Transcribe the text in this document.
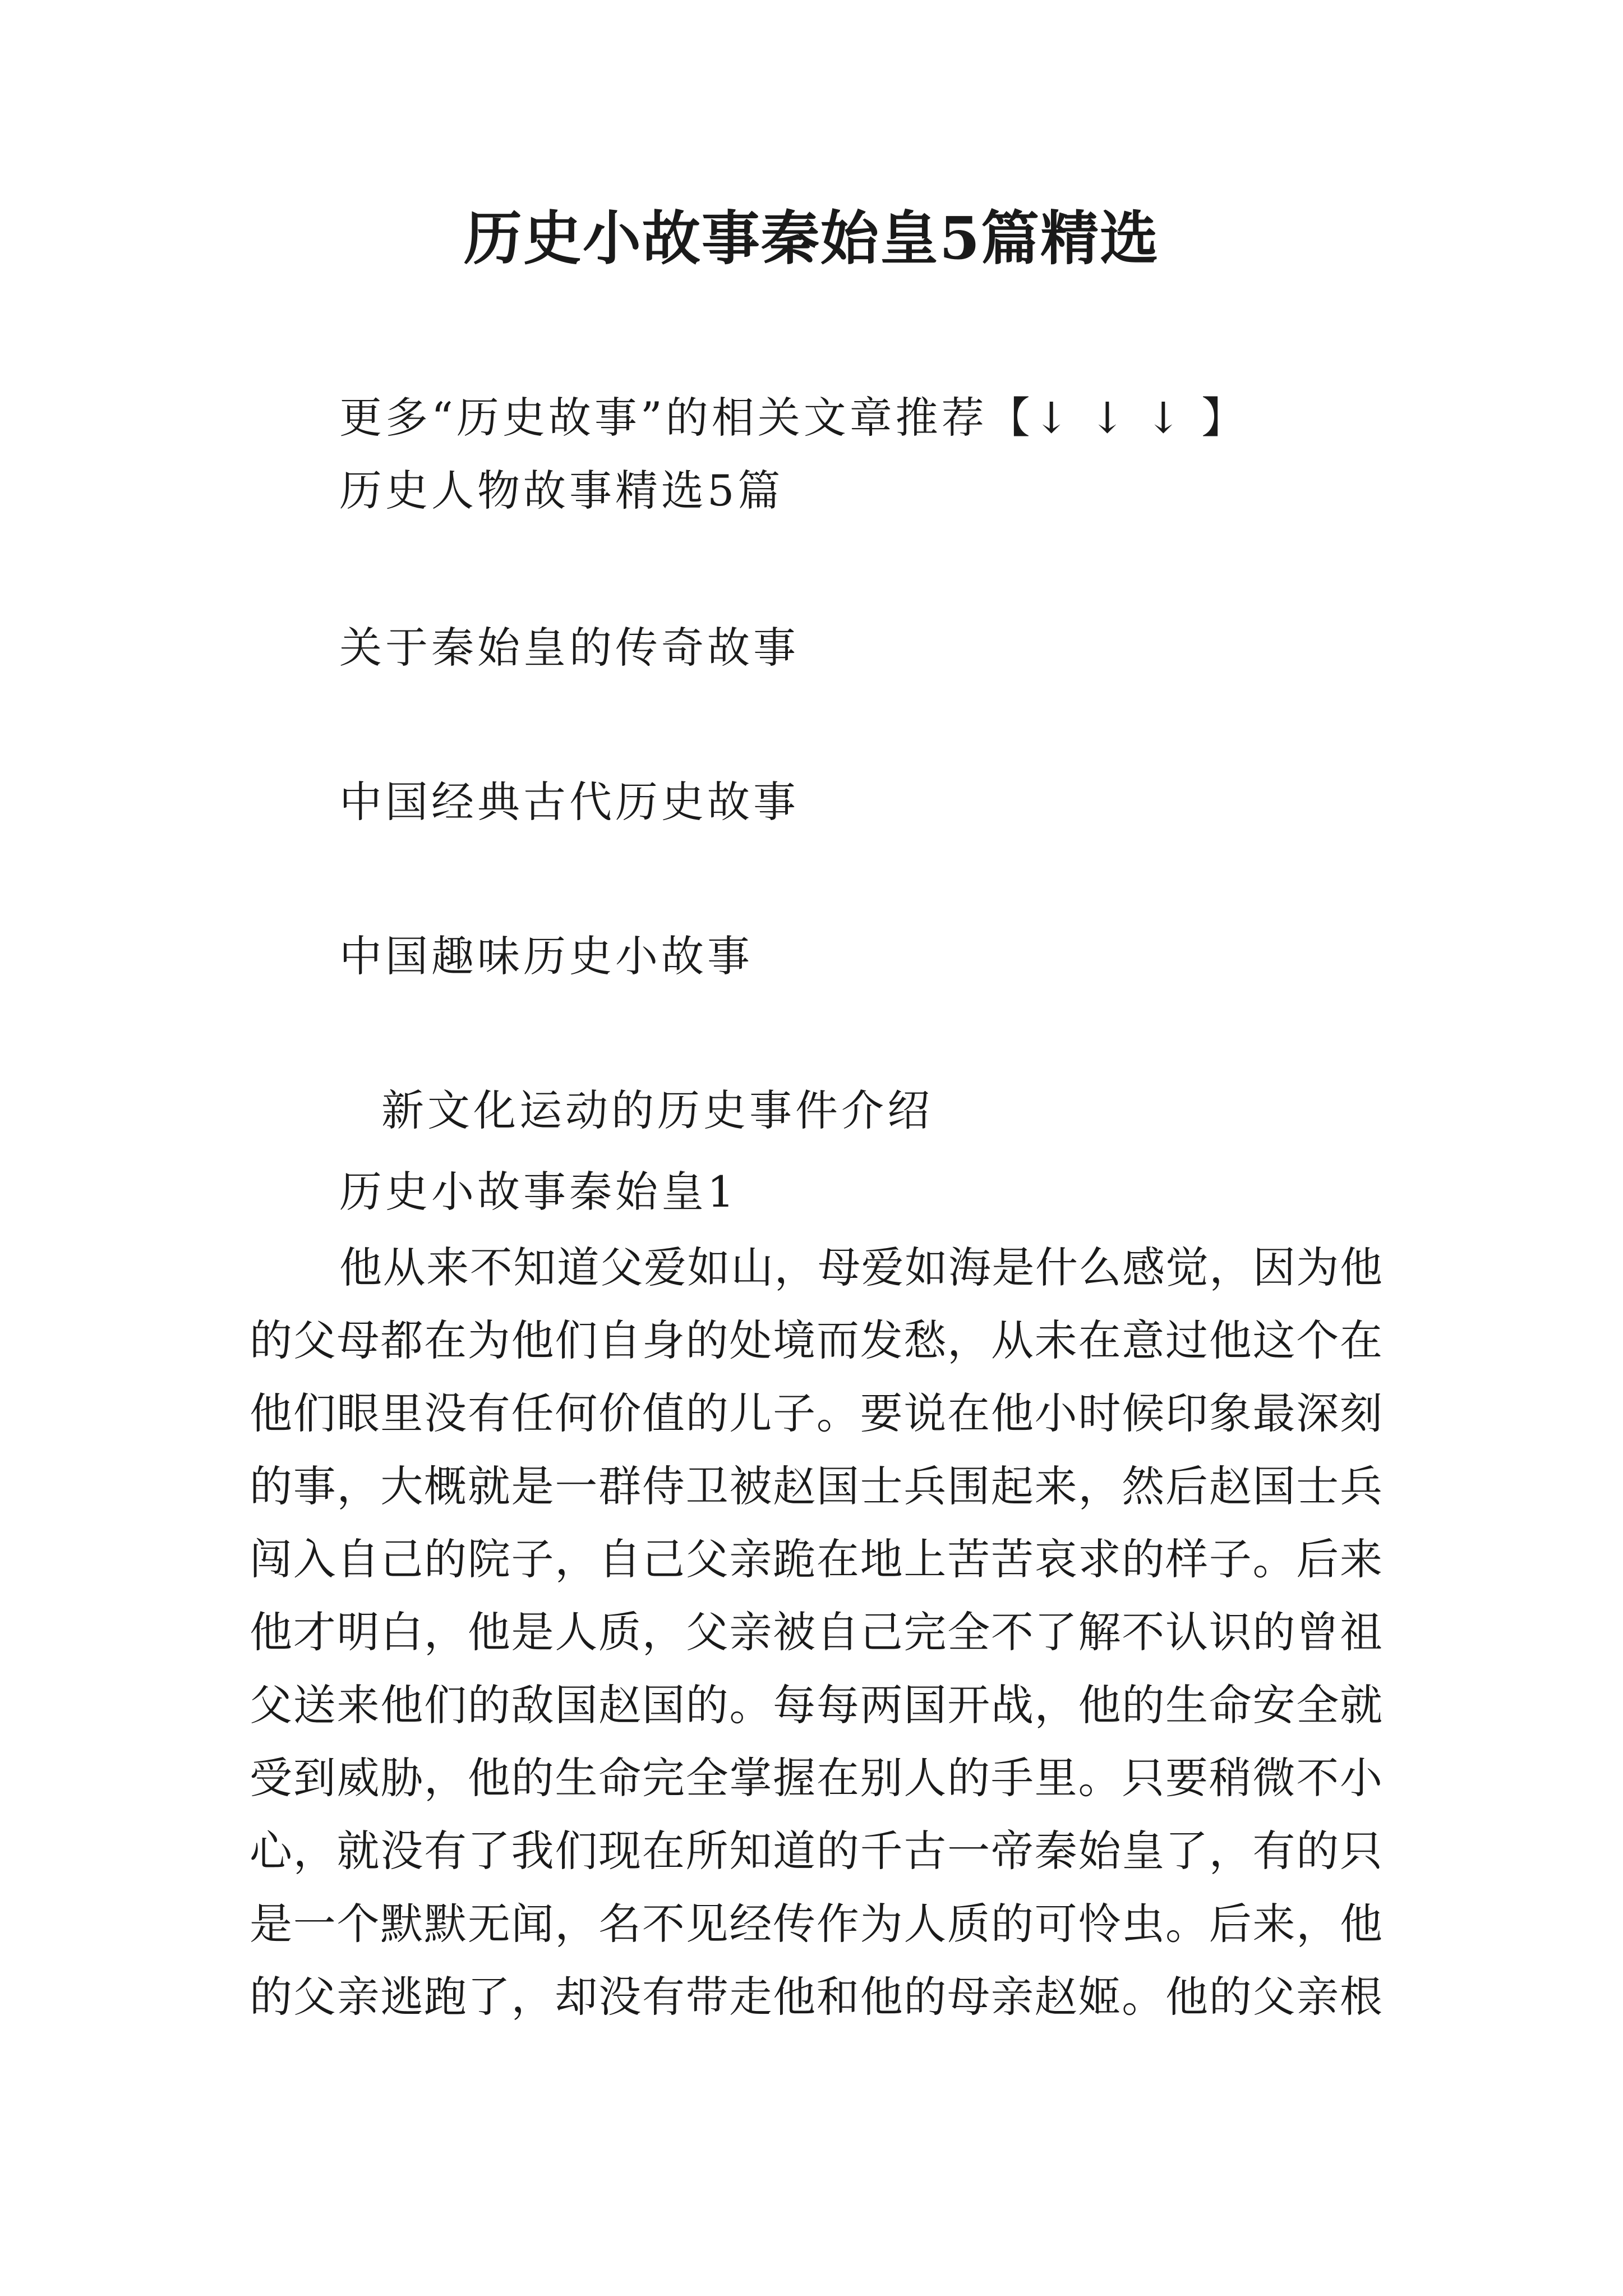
历史小故事秦始皇5篇精选
更多“历史故事”的相关文章推荐【↓ ↓ ↓ 】
历史人物故事精选5篇
关于秦始皇的传奇故事
中国经典古代历史故事
中国趣味历史小故事
新文化运动的历史事件介绍
历史小故事秦始皇1
他从来不知道父爱如山，母爱如海是什么感觉，因为他
的父母都在为他们自身的处境而发愁，从未在意过他这个在
他们眼里没有任何价值的儿子。要说在他小时候印象最深刻
的事，大概就是一群侍卫被赵国士兵围起来，然后赵国士兵
闯入自己的院子，自己父亲跪在地上苦苦哀求的样子。后来
他才明白，他是人质，父亲被自己完全不了解不认识的曾祖
父送来他们的敌国赵国的。每每两国开战，他的生命安全就
受到威胁，他的生命完全掌握在别人的手里。只要稍微不小
心，就没有了我们现在所知道的千古一帝秦始皇了，有的只
是一个默默无闻，名不见经传作为人质的可怜虫。后来，他
的父亲逃跑了，却没有带走他和他的母亲赵姬。他的父亲根
